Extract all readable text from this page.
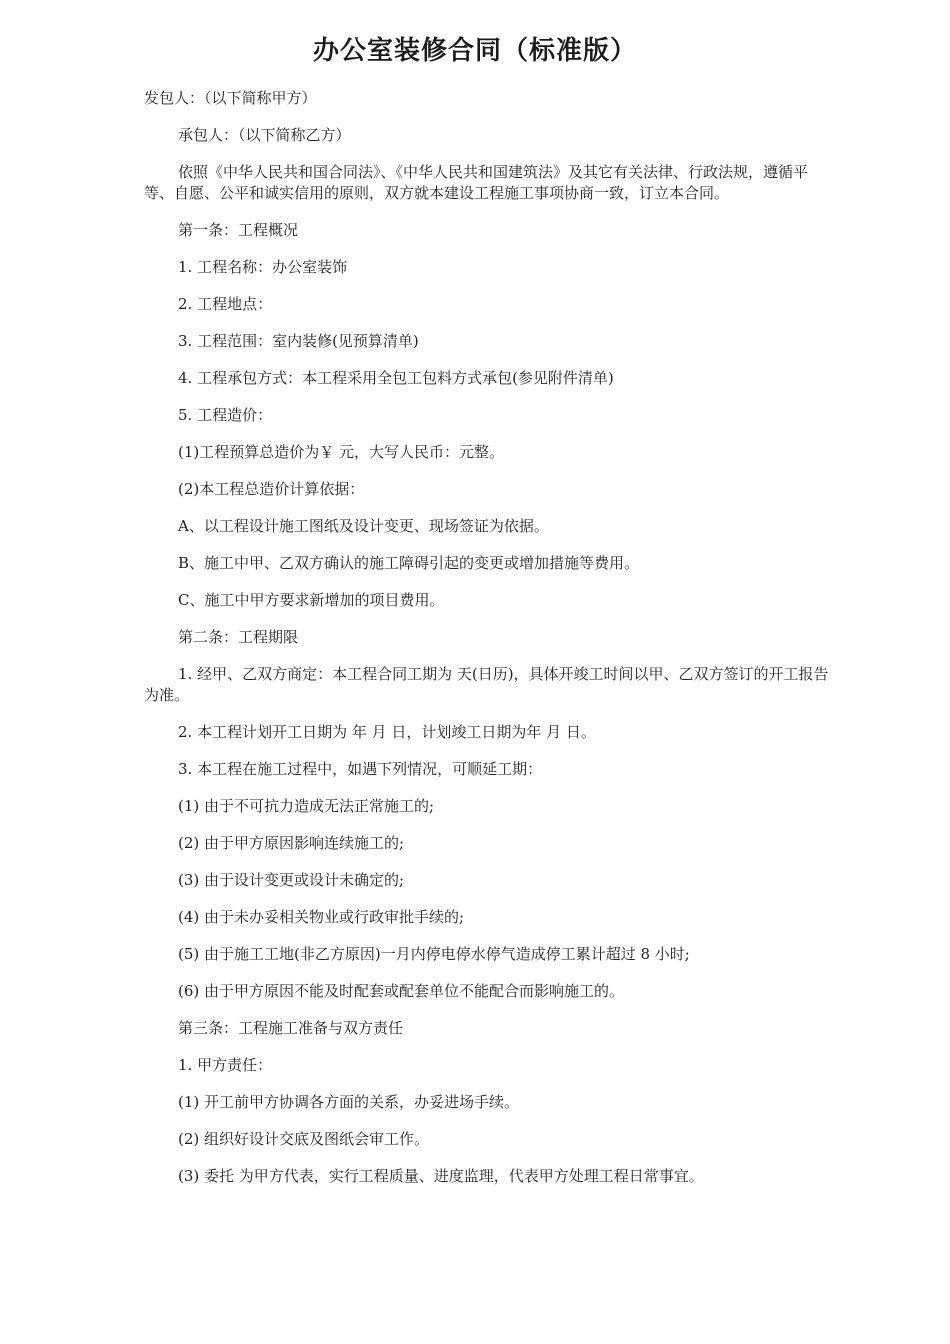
办公室装修合同（标准版）

发包人：（以下简称甲方）

承包人：（以下简称乙方）

依照《中华人民共和国合同法》、《中华人民共和国建筑法》及其它有关法律、行政法规，遵循平等、自愿、公平和诚实信用的原则，双方就本建设工程施工事项协商一致，订立本合同。

第一条：工程概况

1. 工程名称：办公室装饰

2. 工程地点：

3. 工程范围：室内装修(见预算清单)

4. 工程承包方式：本工程采用全包工包料方式承包(参见附件清单)

5. 工程造价：

(1)工程预算总造价为￥ 元，大写人民币：元整。

(2)本工程总造价计算依据：

A、以工程设计施工图纸及设计变更、现场签证为依据。

B、施工中甲、乙双方确认的施工障碍引起的变更或增加措施等费用。

C、施工中甲方要求新增加的项目费用。

第二条：工程期限

1. 经甲、乙双方商定：本工程合同工期为 天(日历)，具体开竣工时间以甲、乙双方签订的开工报告为准。

2. 本工程计划开工日期为 年 月 日，计划竣工日期为年 月 日。

3. 本工程在施工过程中，如遇下列情况，可顺延工期：

(1) 由于不可抗力造成无法正常施工的;

(2) 由于甲方原因影响连续施工的;

(3) 由于设计变更或设计未确定的;

(4) 由于未办妥相关物业或行政审批手续的;

(5) 由于施工工地(非乙方原因)一月内停电停水停气造成停工累计超过 8 小时;

(6) 由于甲方原因不能及时配套或配套单位不能配合而影响施工的。

第三条：工程施工准备与双方责任

1. 甲方责任：

(1) 开工前甲方协调各方面的关系，办妥进场手续。

(2) 组织好设计交底及图纸会审工作。

(3) 委托 为甲方代表，实行工程质量、进度监理，代表甲方处理工程日常事宜。
